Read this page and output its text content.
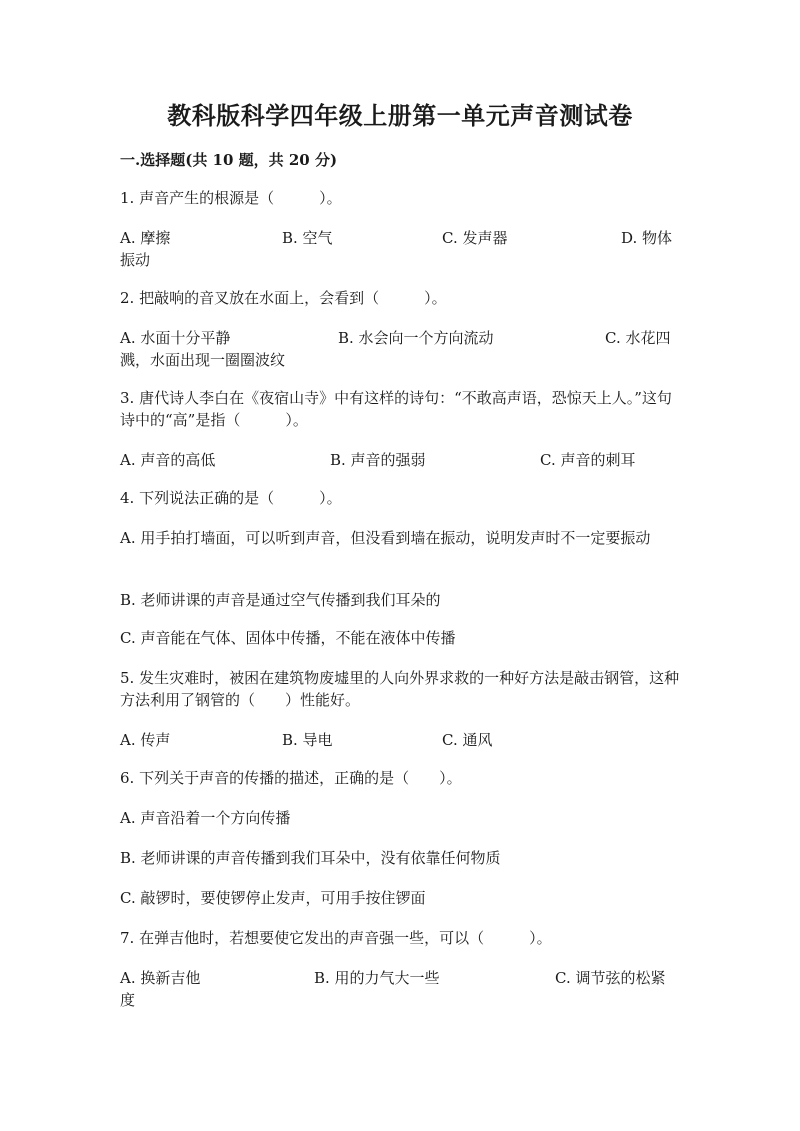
教科版科学四年级上册第一单元声音测试卷
一.选择题(共 10 题，共 20 分)
1. 声音产生的根源是（　　　）。
A. 摩擦	B. 空气	C. 发声器	D. 物体
振动
2. 把敲响的音叉放在水面上，会看到（　　　）。
A. 水面十分平静	B. 水会向一个方向流动	C. 水花四
溅，水面出现一圈圈波纹
3. 唐代诗人李白在《夜宿山寺》中有这样的诗句：“不敢高声语，恐惊天上人。”这句诗中的“高”是指（　　　）。
A. 声音的高低	B. 声音的强弱	C. 声音的刺耳
4. 下列说法正确的是（　　　）。
A. 用手拍打墙面，可以听到声音，但没看到墙在振动，说明发声时不一定要振动
B. 老师讲课的声音是通过空气传播到我们耳朵的
C. 声音能在气体、固体中传播，不能在液体中传播
5. 发生灾难时，被困在建筑物废墟里的人向外界求救的一种好方法是敲击钢管，这种方法利用了钢管的（　　）性能好。
A. 传声	B. 导电	C. 通风
6. 下列关于声音的传播的描述，正确的是（　　）。
A. 声音沿着一个方向传播
B. 老师讲课的声音传播到我们耳朵中，没有依靠任何物质
C. 敲锣时，要使锣停止发声，可用手按住锣面
7. 在弹吉他时，若想要使它发出的声音强一些，可以（　　　）。
A. 换新吉他	B. 用的力气大一些	C. 调节弦的松紧
度
